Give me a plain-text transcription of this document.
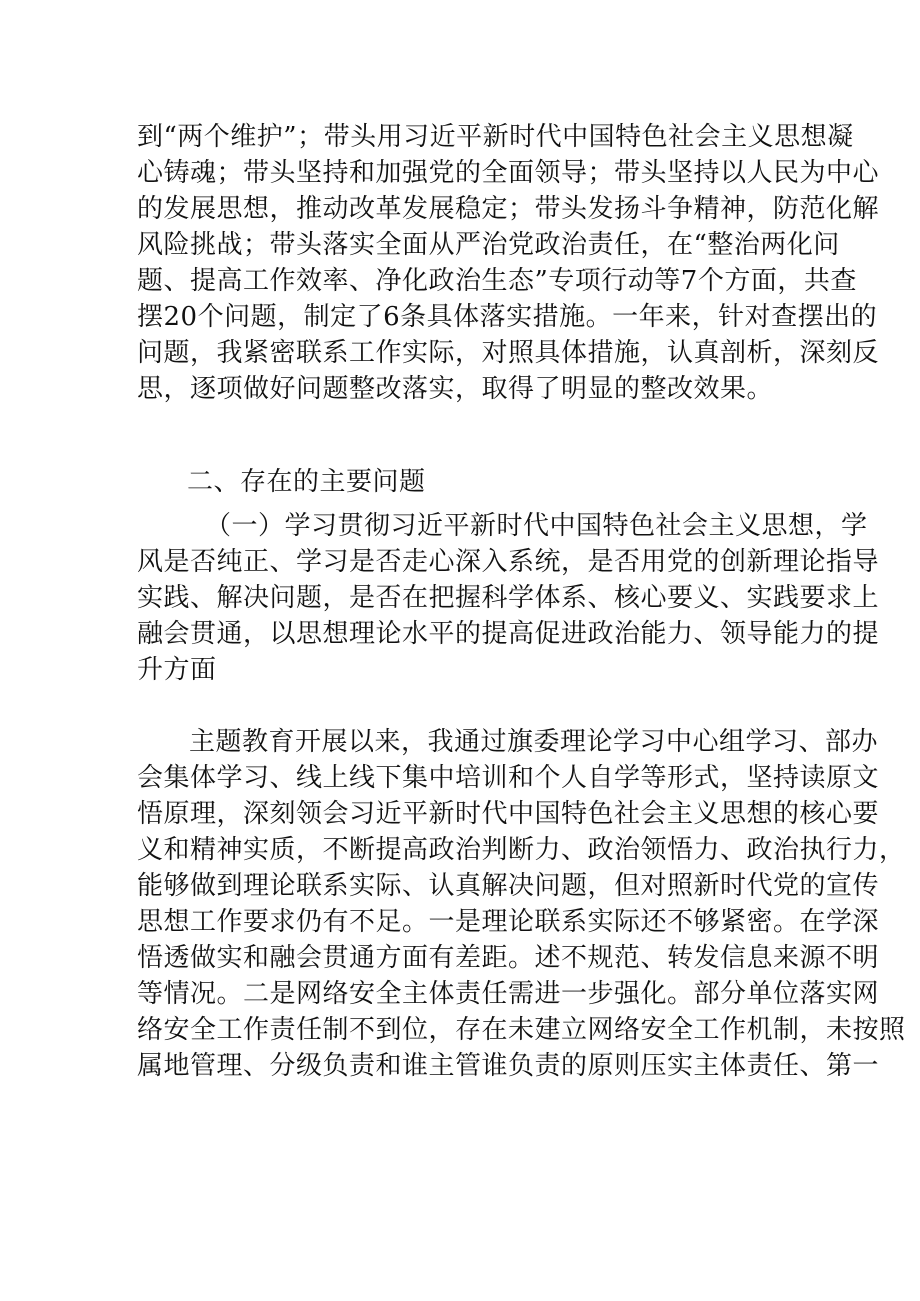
到“两个维护”；带头用习近平新时代中国特色社会主义思想凝
心铸魂；带头坚持和加强党的全面领导；带头坚持以人民为中心
的发展思想，推动改革发展稳定；带头发扬斗争精神，防范化解
风险挑战；带头落实全面从严治党政治责任，在“整治两化问
题、提高工作效率、净化政治生态”专项行动等7个方面，共查
摆20个问题，制定了6条具体落实措施。一年来，针对查摆出的
问题，我紧密联系工作实际，对照具体措施，认真剖析，深刻反
思，逐项做好问题整改落实，取得了明显的整改效果。
二、存在的主要问题
（一）学习贯彻习近平新时代中国特色社会主义思想，学
风是否纯正、学习是否走心深入系统，是否用党的创新理论指导
实践、解决问题，是否在把握科学体系、核心要义、实践要求上
融会贯通，以思想理论水平的提高促进政治能力、领导能力的提
升方面
主题教育开展以来，我通过旗委理论学习中心组学习、部办
会集体学习、线上线下集中培训和个人自学等形式，坚持读原文
悟原理，深刻领会习近平新时代中国特色社会主义思想的核心要
义和精神实质，不断提高政治判断力、政治领悟力、政治执行力，
能够做到理论联系实际、认真解决问题，但对照新时代党的宣传
思想工作要求仍有不足。一是理论联系实际还不够紧密。在学深
悟透做实和融会贯通方面有差距。述不规范、转发信息来源不明
等情况。二是网络安全主体责任需进一步强化。部分单位落实网
络安全工作责任制不到位，存在未建立网络安全工作机制，未按照
属地管理、分级负责和谁主管谁负责的原则压实主体责任、第一
